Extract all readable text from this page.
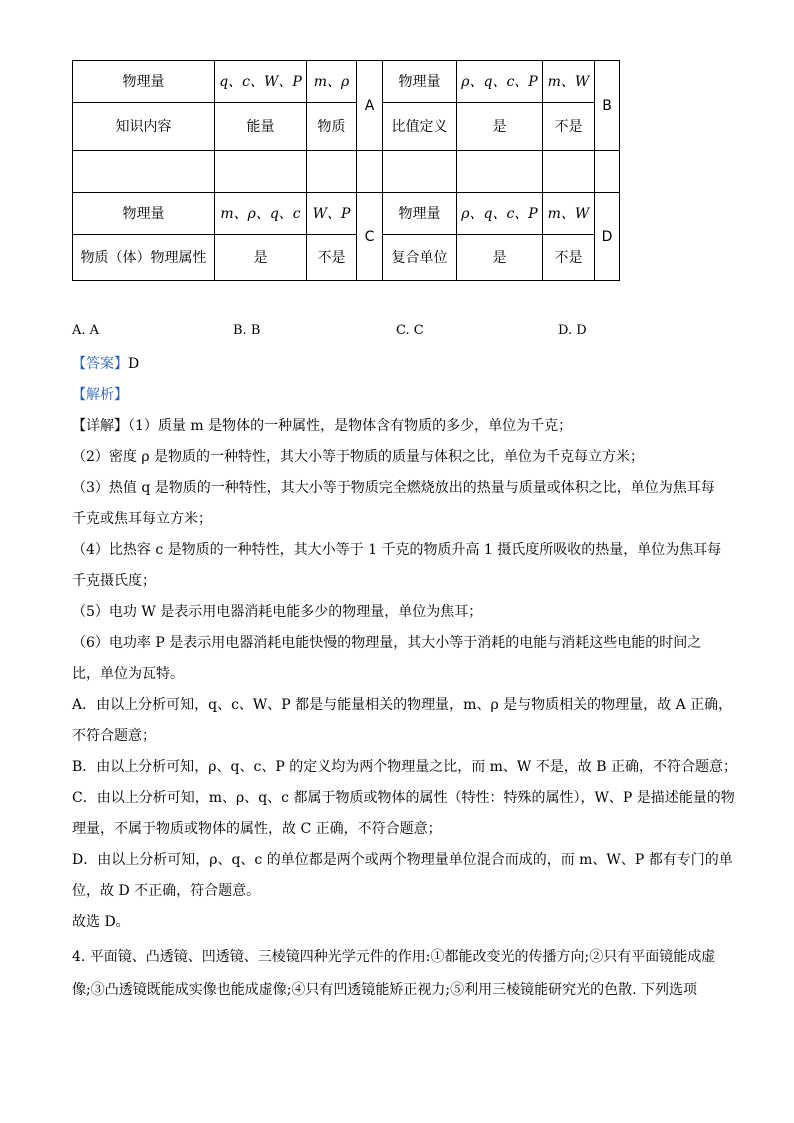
物理量	q、c、W、P	m、ρ	A	物理量	ρ、q、c、P	m、W	B
知识内容	能量	物质		比值定义	是	不是	

物理量	m、ρ、q、c	W、P	C	物理量	ρ、q、c、P	m、W	D
物质（体）物理属性	是	不是		复合单位	是	不是	
A. A	B. B	C. C	D. D
【答案】D
【解析】
【详解】（1）质量 m 是物体的一种属性，是物体含有物质的多少，单位为千克；
（2）密度 ρ 是物质的一种特性，其大小等于物质的质量与体积之比，单位为千克每立方米；
（3）热值 q 是物质的一种特性，其大小等于物质完全燃烧放出的热量与质量或体积之比，单位为焦耳每
千克或焦耳每立方米；
（4）比热容 c 是物质的一种特性，其大小等于 1 千克的物质升高 1 摄氏度所吸收的热量，单位为焦耳每
千克摄氏度；
（5）电功 W 是表示用电器消耗电能多少的物理量，单位为焦耳；
（6）电功率 P 是表示用电器消耗电能快慢的物理量，其大小等于消耗的电能与消耗这些电能的时间之
比，单位为瓦特。
A．由以上分析可知，q、c、W、P 都是与能量相关的物理量，m、ρ 是与物质相关的物理量，故 A 正确，
不符合题意；
B．由以上分析可知，ρ、q、c、P 的定义均为两个物理量之比，而 m、W 不是，故 B 正确，不符合题意；
C．由以上分析可知，m、ρ、q、c 都属于物质或物体的属性（特性：特殊的属性），W、P 是描述能量的物
理量，不属于物质或物体的属性，故 C 正确，不符合题意；
D．由以上分析可知，ρ、q、c 的单位都是两个或两个物理量单位混合而成的，而 m、W、P 都有专门的单
位，故 D 不正确，符合题意。
故选 D。
4. 平面镜、凸透镜、凹透镜、三棱镜四种光学元件的作用:①都能改变光的传播方向;②只有平面镜能成虚
像;③凸透镜既能成实像也能成虚像;④只有凹透镜能矫正视力;⑤利用三棱镜能研究光的色散. 下列选项
